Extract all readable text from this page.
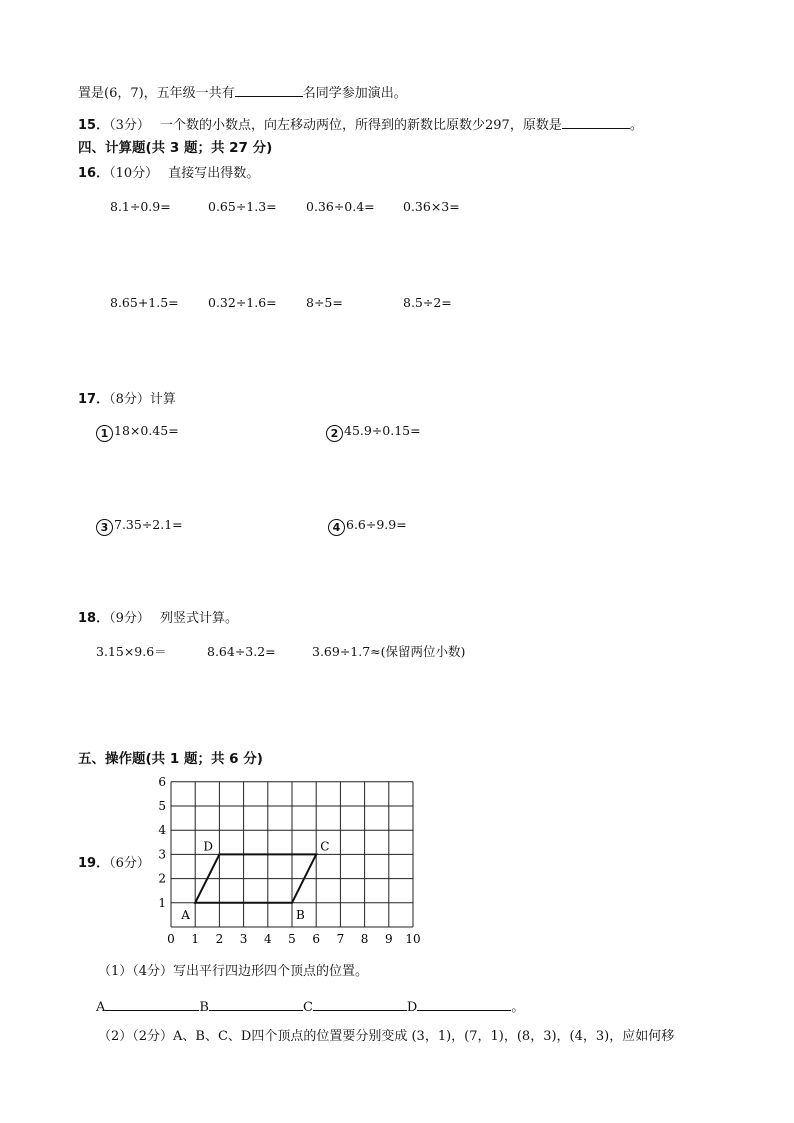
置是(6，7)，五年级一共有	名同学参加演出。
15．（3分） 一个数的小数点，向左移动两位，所得到的新数比原数少297，原数是	。
四、计算题(共 3 题；共 27 分)
16．（10分） 直接写出得数。
8.1÷0.9=	0.65÷1.3= 0.36÷0.4= 0.36×3=
8.65+1.5= 0.32÷1.6= 8÷5=	8.5÷2=
17．（8分）计算
1 18×0.45=	2 45.9÷0.15=
3 7.35÷2.1=	4 6.6÷9.9=
18．（9分） 列竖式计算。
3.15×9.6＝	8.64÷3.2=	3.69÷1.7≈(保留两位小数)
五、操作题(共 1 题；共 6 分)
19．（6分）
0 1 2 3 4 5 6 7 8 9 10
1
2
3
4
5
6
A	B
C
D
（1）（4分）写出平行四边形四个顶点的位置。
A	B	C	D	。
（2）（2分）A、B、C、D四个顶点的位置要分别变成 (3，1)，(7，1)，(8，3)，(4，3)，应如何移
